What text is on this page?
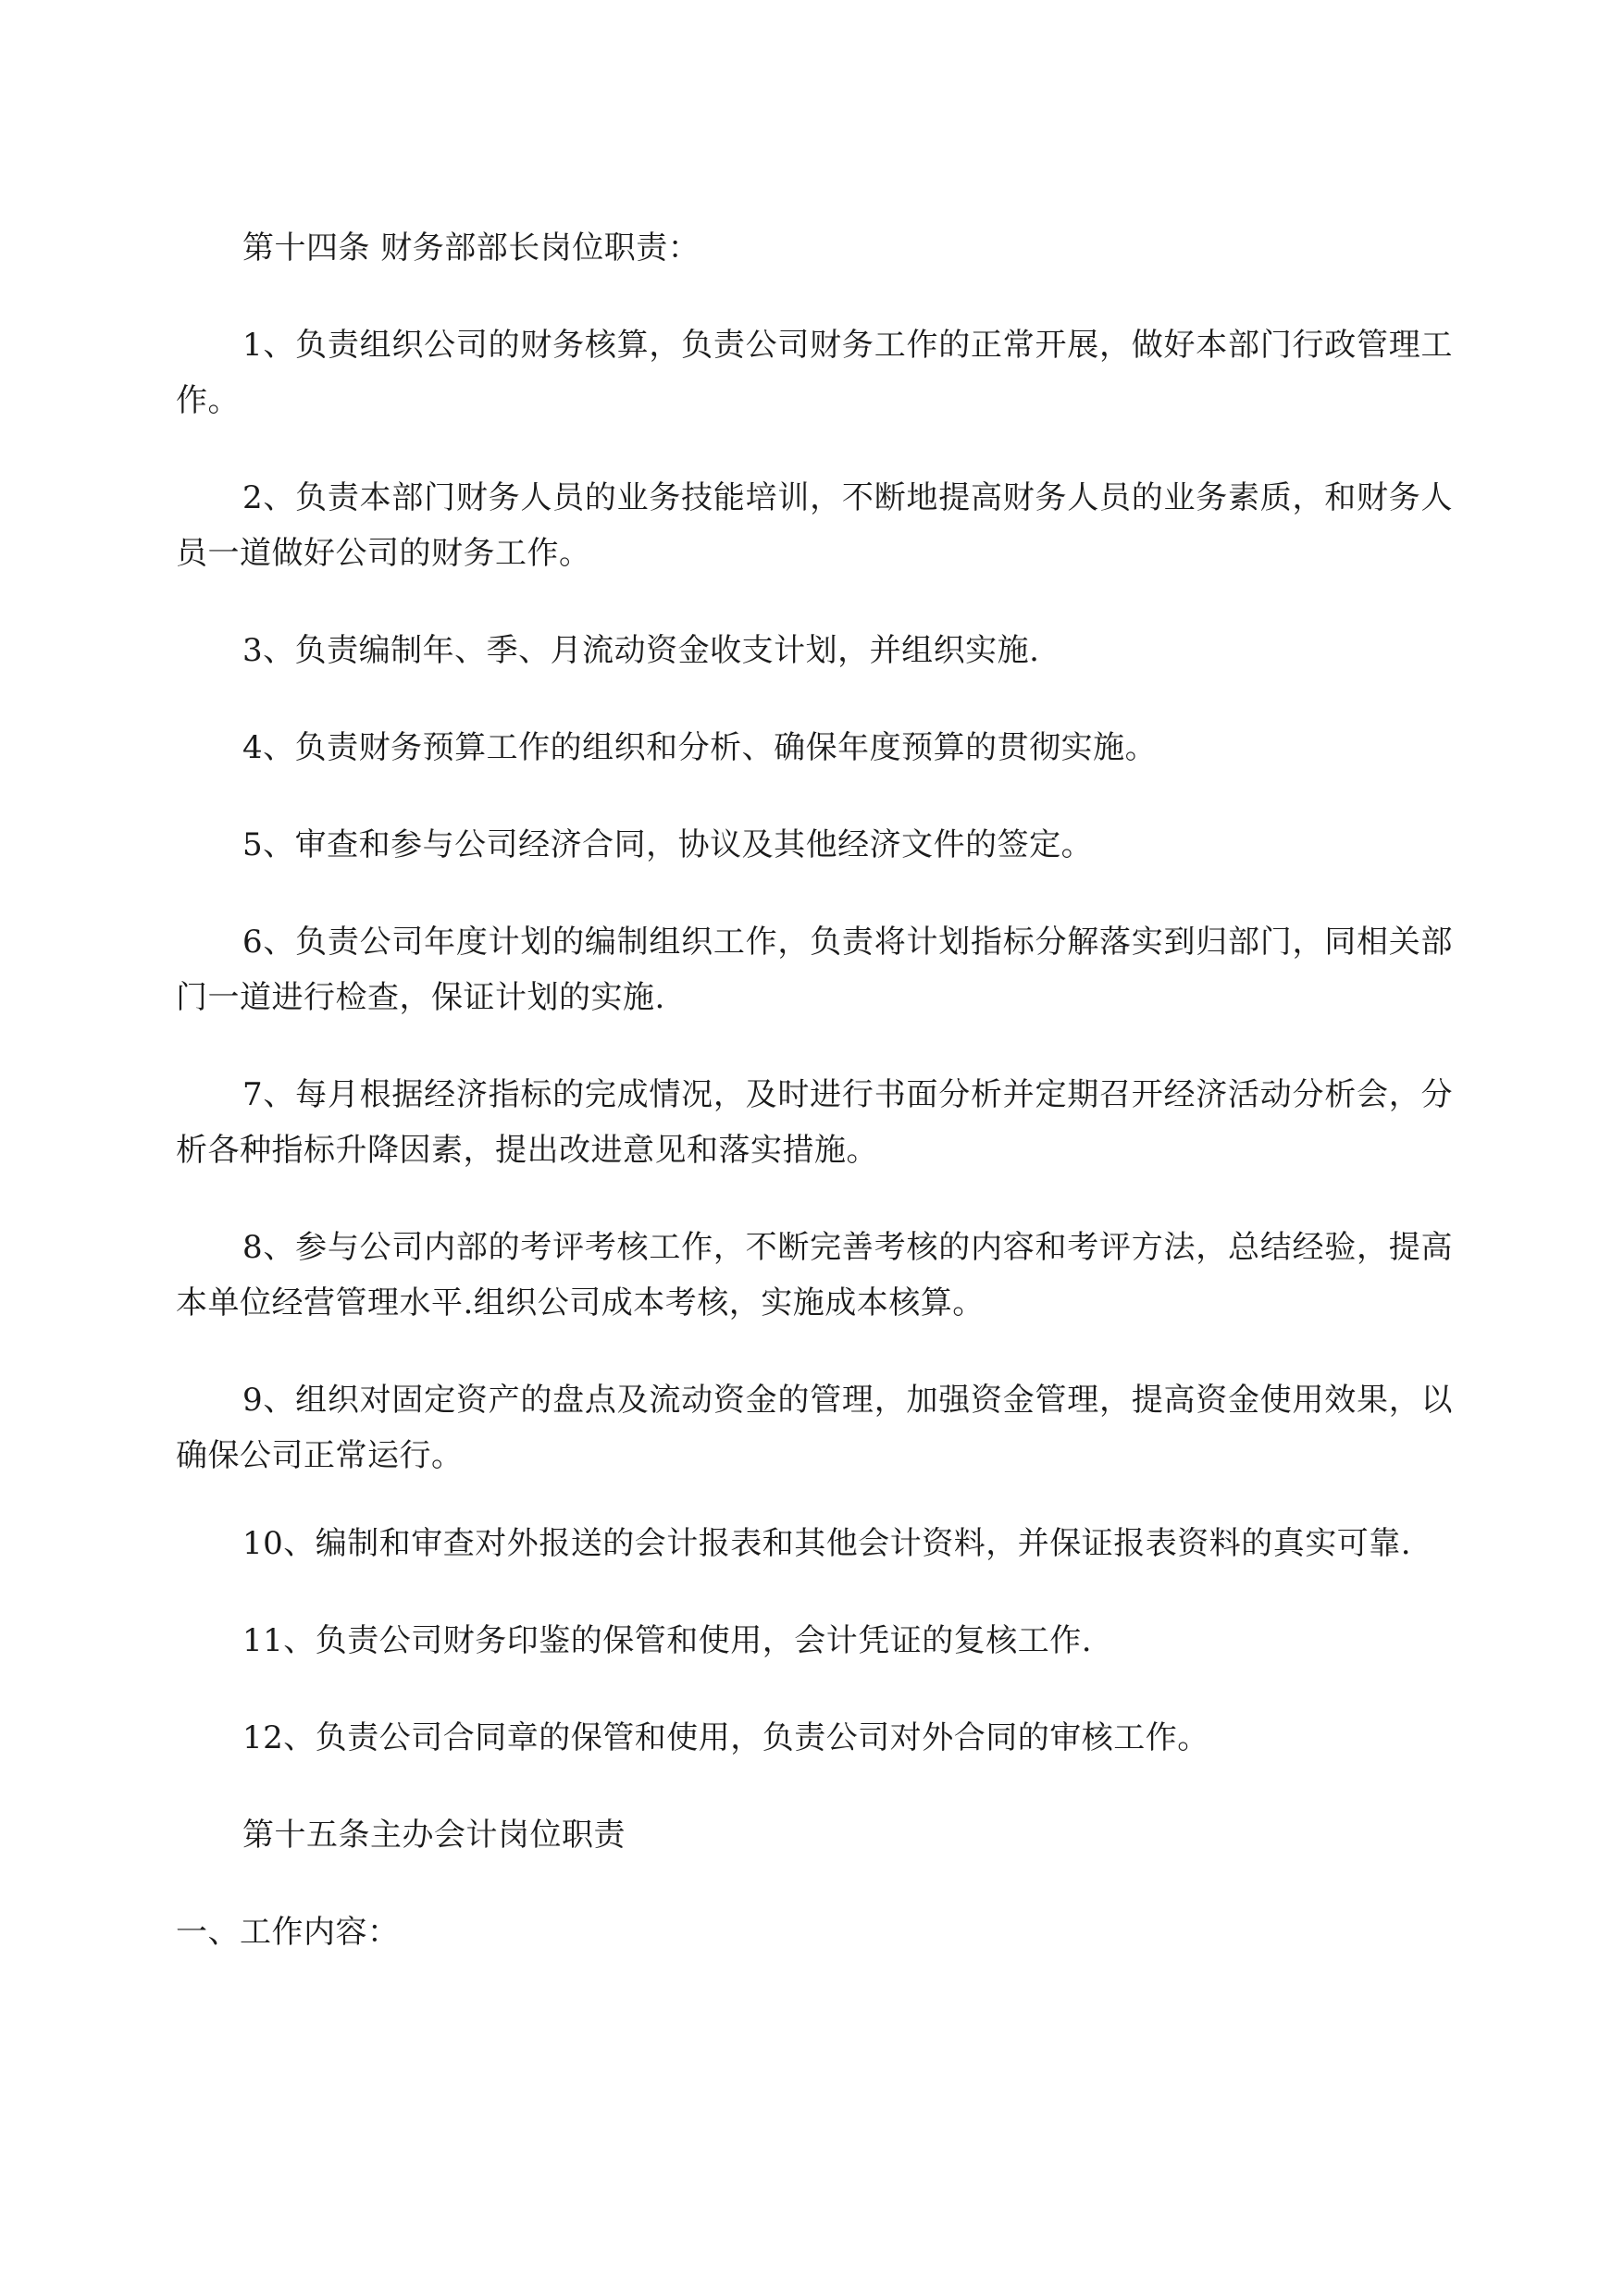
第十四条 财务部部长岗位职责：

1、负责组织公司的财务核算，负责公司财务工作的正常开展，做好本部门行政管理工作。

2、负责本部门财务人员的业务技能培训，不断地提高财务人员的业务素质，和财务人员一道做好公司的财务工作。

3、负责编制年、季、月流动资金收支计划，并组织实施.

4、负责财务预算工作的组织和分析、确保年度预算的贯彻实施。

5、审查和参与公司经济合同，协议及其他经济文件的签定。

6、负责公司年度计划的编制组织工作，负责将计划指标分解落实到归部门，同相关部门一道进行检查，保证计划的实施.

7、每月根据经济指标的完成情况，及时进行书面分析并定期召开经济活动分析会，分析各种指标升降因素，提出改进意见和落实措施。

8、参与公司内部的考评考核工作，不断完善考核的内容和考评方法，总结经验，提高本单位经营管理水平.组织公司成本考核，实施成本核算。

9、组织对固定资产的盘点及流动资金的管理，加强资金管理，提高资金使用效果，以确保公司正常运行。

10、编制和审查对外报送的会计报表和其他会计资料，并保证报表资料的真实可靠.

11、负责公司财务印鉴的保管和使用，会计凭证的复核工作.

12、负责公司合同章的保管和使用，负责公司对外合同的审核工作。

第十五条主办会计岗位职责

一、工作内容：
